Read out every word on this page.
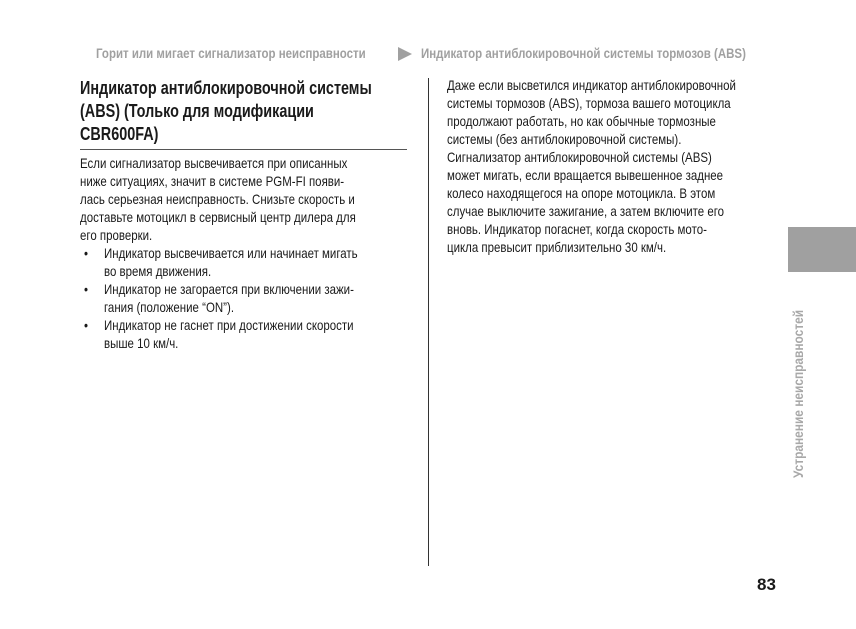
Горит или мигает сигнализатор неисправности	Индикатор антиблокировочной системы тормозов (ABS)
Индикатор антиблокировочной системы
(ABS) (Только для модификации
CBR600FA)
Если сигнализатор высвечивается при описанных
ниже ситуациях, значит в системе PGM-FI появи-
лась серьезная неисправность. Снизьте скорость и
доставьте мотоцикл в сервисный центр дилера для
его проверки.
• Индикатор высвечивается или начинает мигать
во время движения.
• Индикатор не загорается при включении зажи-
гания (положение “ON”).
• Индикатор не гаснет при достижении скорости
выше 10 км/ч.
Даже если высветился индикатор антиблокировочной
системы тормозов (ABS), тормоза вашего мотоцикла
продолжают работать, но как обычные тормозные
системы (без антиблокировочной системы).
Сигнализатор антиблокировочной системы (ABS)
может мигать, если вращается вывешенное заднее
колесо находящегося на опоре мотоцикла. В этом
случае выключите зажигание, а затем включите его
вновь. Индикатор погаснет, когда скорость мото-
цикла превысит приблизительно 30 км/ч.
Устранение неисправностей
83
